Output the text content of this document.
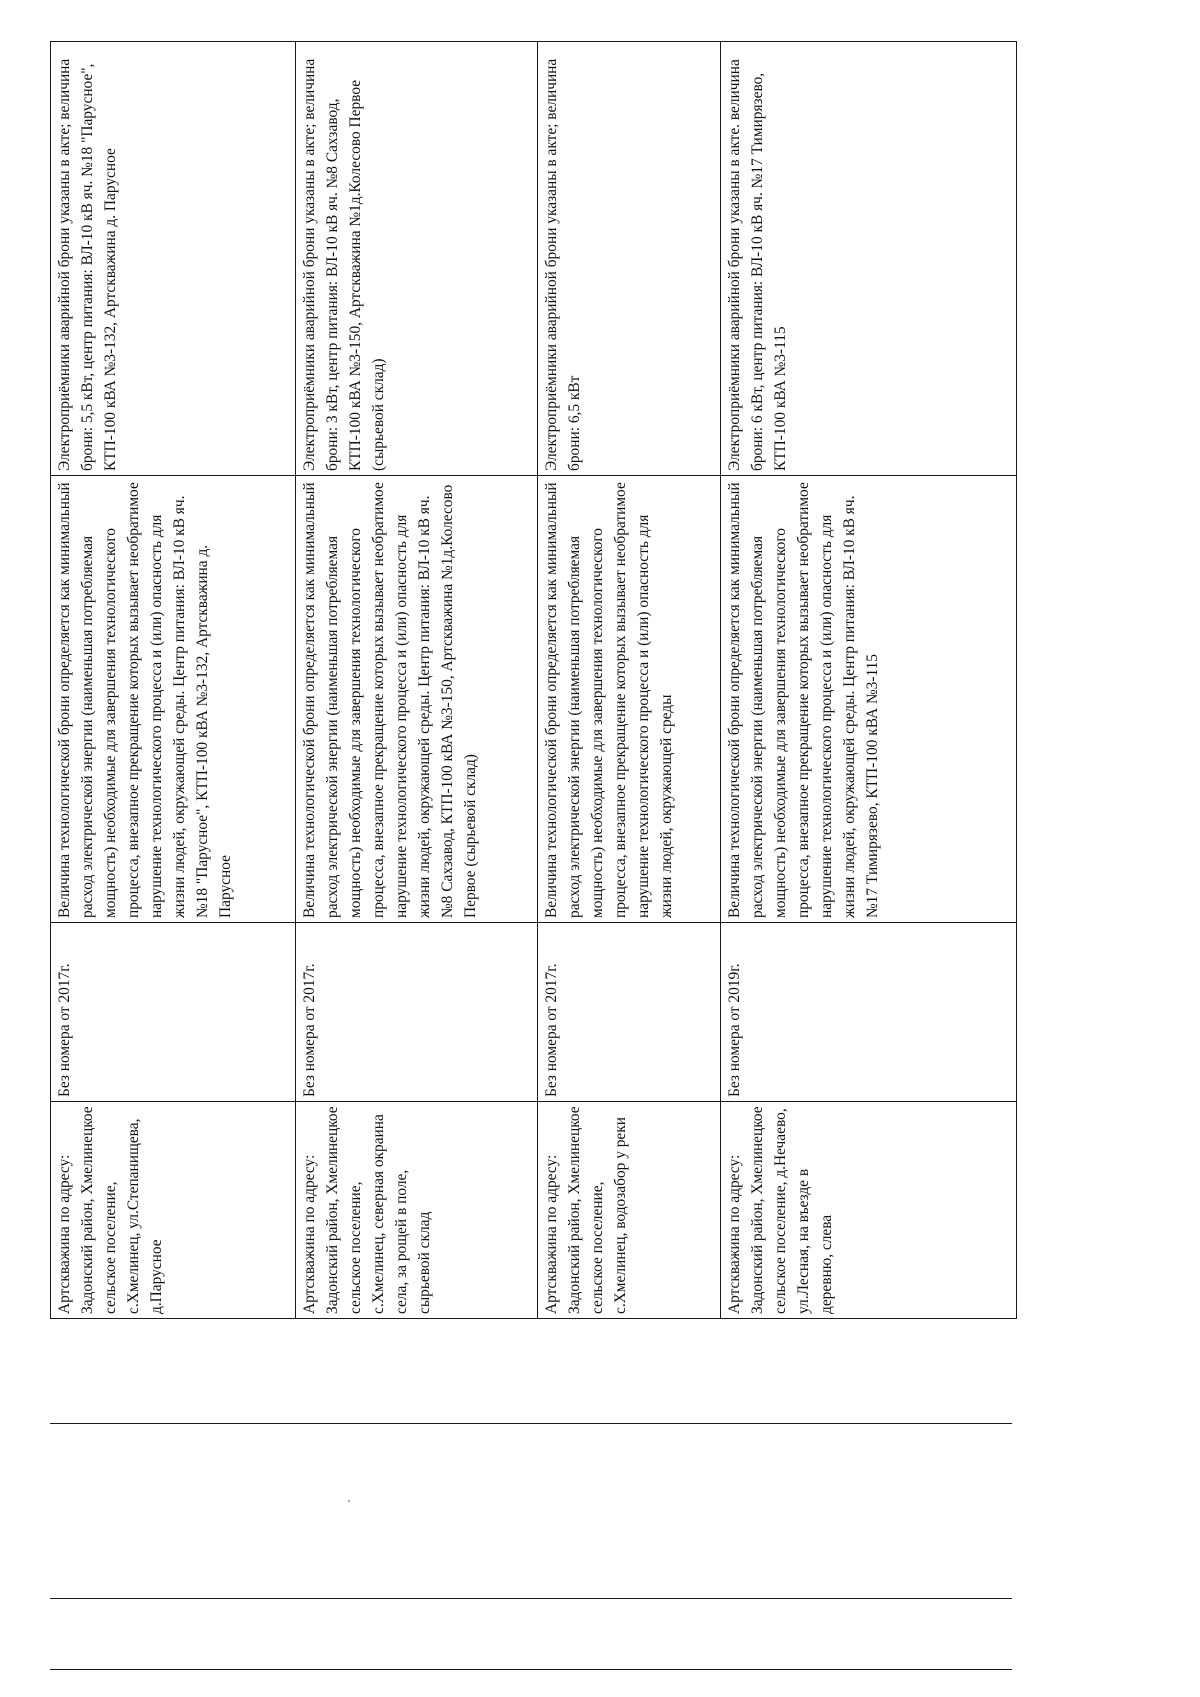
Артскважина по адресу: Задонский район, Хмелинецкое сельское поселение, с.Хмелинец, ул.Степанищева, д.Парусное	Без номера от 2017г.	Величина технологической брони определяется как минимальный расход электрической энергии (наименьшая потребляемая мощность) необходимые для завершения технологического процесса, внезапное прекращение которых вызывает необратимое нарушение технологического процесса и (или) опасность для жизни людей, окружающей среды. Центр питания: ВЛ-10 кВ яч. №18 "Парусное", КТП-100 кВА №3-132, Артскважина д. Парусное	Электроприёмники аварийной брони указаны в акте; величина брони: 5,5 кВт, центр питания: ВЛ-10 кВ яч. №18 "Парусное", КТП-100 кВА №3-132, Артскважина д. Парусное
Артскважина по адресу: Задонский район, Хмелинецкое сельское поселение, с.Хмелинец, северная окраина села, за рощей в поле, сырьевой склад	Без номера от 2017г.	Величина технологической брони определяется как минимальный расход электрической энергии (наименьшая потребляемая мощность) необходимые для завершения технологического процесса, внезапное прекращение которых вызывает необратимое нарушение технологического процесса и (или) опасность для жизни людей, окружающей среды. Центр питания: ВЛ-10 кВ яч. №8 Сахзавод, КТП-100 кВА №3-150, Артскважина №1д.Колесово Первое (сырьевой склад)	Электроприёмники аварийной брони указаны в акте; величина брони: 3 кВт, центр питания: ВЛ-10 кВ яч. №8 Сахзавод, КТП-100 кВА №3-150, Артскважина №1д.Колесово Первое (сырьевой склад)
Артскважина по адресу: Задонский район, Хмелинецкое сельское поселение, с.Хмелинец, водозабор у реки	Без номера от 2017г.	Величина технологической брони определяется как минимальный расход электрической энергии (наименьшая потребляемая мощность) необходимые для завершения технологического процесса, внезапное прекращение которых вызывает необратимое нарушение технологического процесса и (или) опасность для жизни людей, окружающей среды	Электроприёмники аварийной брони указаны в акте; величина брони: 6,5 кВт
Артскважина по адресу: Задонский район, Хмелинецкое сельское поселение, д.Нечаево, ул.Лесная, на въезде в деревню, слева	Без номера от 2019г.	Величина технологической брони определяется как минимальный расход электрической энергии (наименьшая потребляемая мощность) необходимые для завершения технологического процесса, внезапное прекращение которых вызывает необратимое нарушение технологического процесса и (или) опасность для жизни людей, окружающей среды. Центр питания: ВЛ-10 кВ яч. №17 Тимирязево, КТП-100 кВА №3-115	Электроприёмники аварийной брони указаны в акте. величина брони: 6 кВт, центр питания: ВЛ-10 кВ яч. №17 Тимирязево, КТП-100 кВА №3-115
